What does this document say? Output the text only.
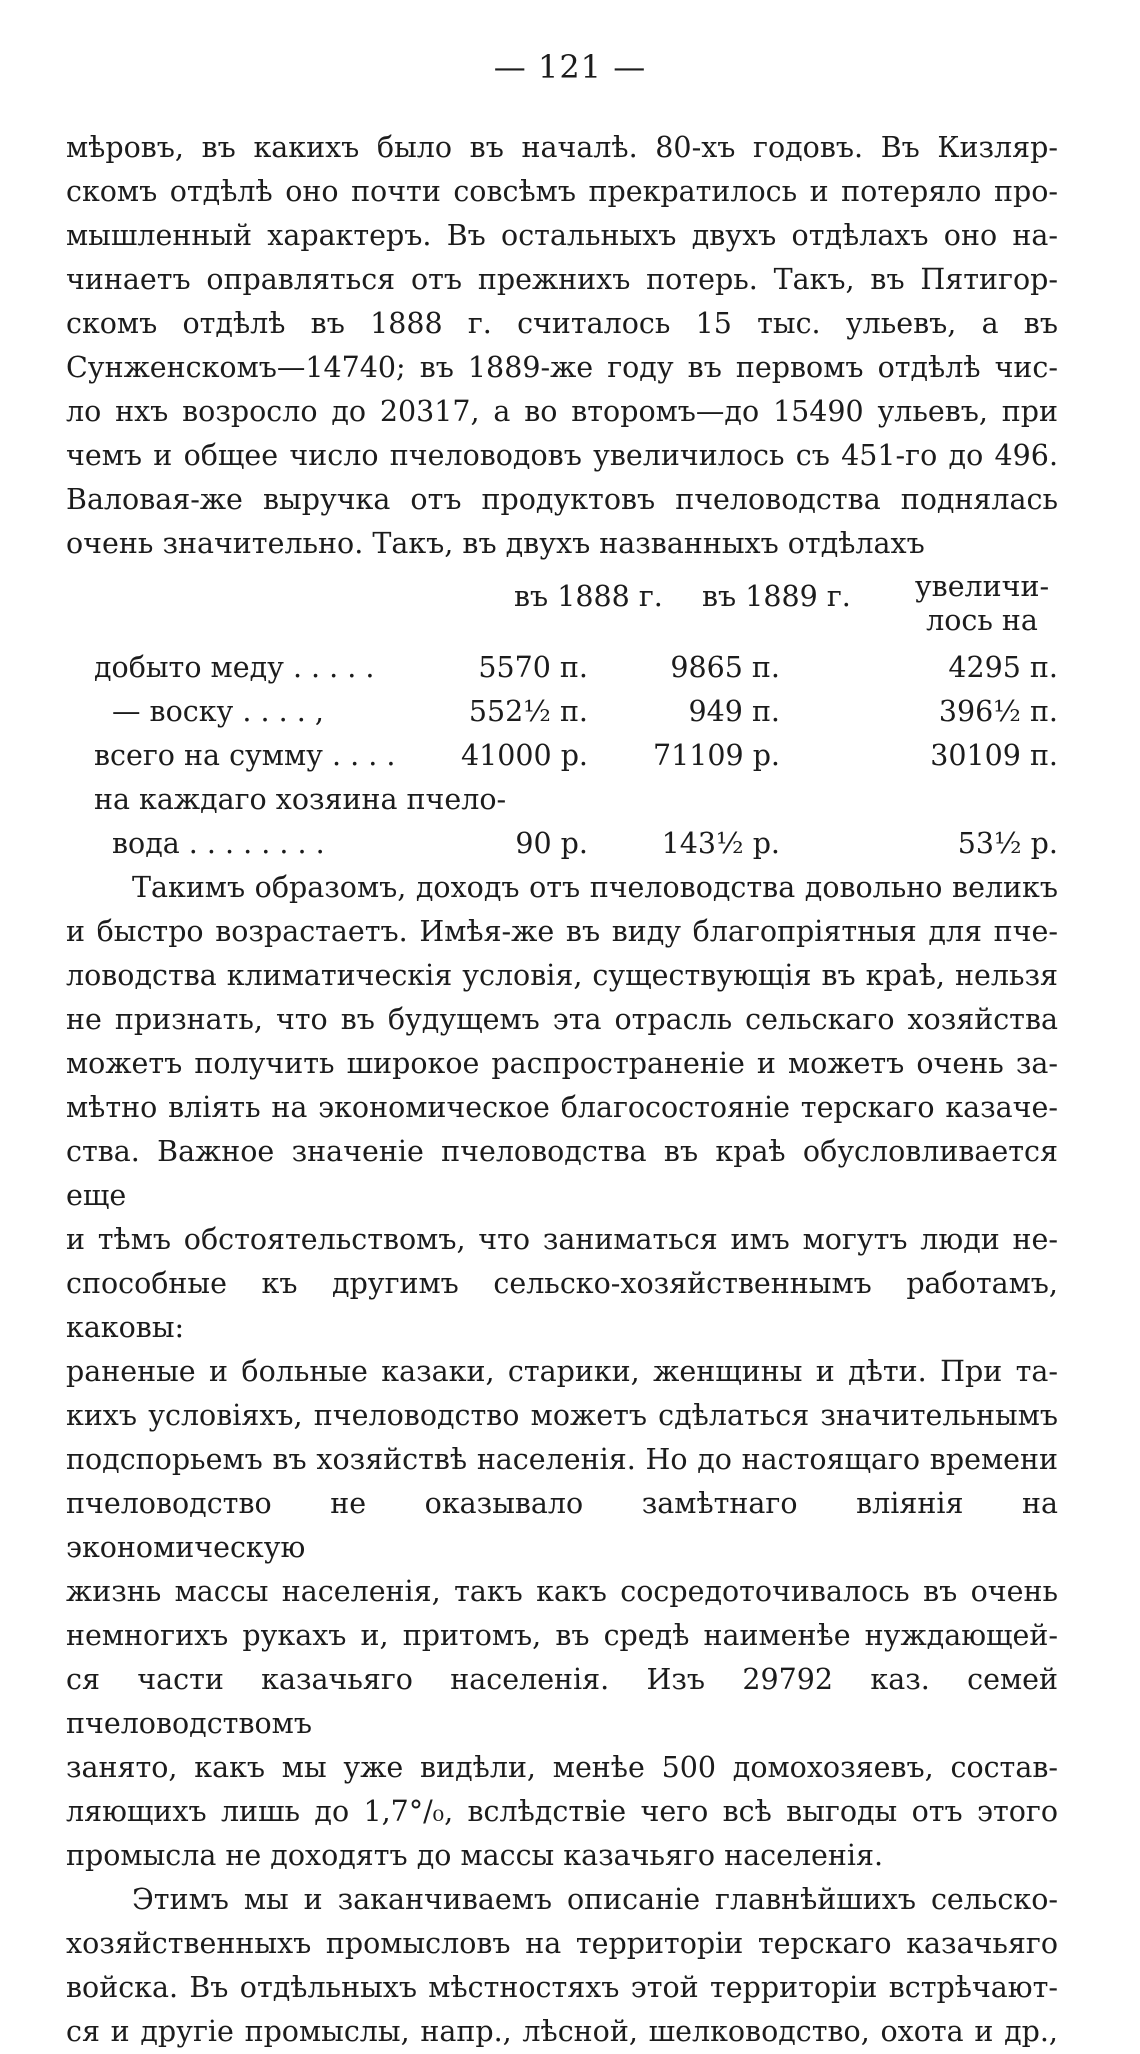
— 121 —

мѣровъ, въ какихъ было въ началѣ. 80-хъ годовъ. Въ Кизляр-

скомъ отдѣлѣ оно почти совсѣмъ прекратилось и потеряло про-

мышленный характеръ. Въ остальныхъ двухъ отдѣлахъ оно на-

чинаетъ оправляться отъ прежнихъ потерь. Такъ, въ Пятигор-

скомъ отдѣлѣ въ 1888 г. считалось 15 тыс. ульевъ, а въ

Сунженскомъ—14740; въ 1889-же году въ первомъ отдѣлѣ чис-

ло нхъ возросло до 20317, а во второмъ—до 15490 ульевъ, при

чемъ и общее число пчеловодовъ увеличилось съ 451-го до 496.

Валовая-же выручка отъ продуктовъ пчеловодства поднялась

очень значительно. Такъ, въ двухъ названныхъ отдѣлахъ

въ 1888 г.	въ 1889 г.	увеличи-
лось на
добыто меду . . . . .	5570 п.	9865 п.	4295 п.
— воску . . . . ,	552½ п.	949 п.	396½ п.
всего на сумму . . . . 41000 р. 71109 р.	30109 п.
на каждаго хозяина пчело-
вода . . . . . . . .	90 р.	143½ р.	53½ р.

Такимъ образомъ, доходъ отъ пчеловодства довольно великъ

и быстро возрастаетъ. Имѣя-же въ виду благопріятныя для пче-

ловодства климатическія условія, существующія въ краѣ, нельзя

не признать, что въ будущемъ эта отрасль сельскаго хозяйства

можетъ получить широкое распространеніе и можетъ очень за-

мѣтно вліять на экономическое благосостояніе терскаго казаче-

ства. Важное значеніе пчеловодства въ краѣ обусловливается еще

и тѣмъ обстоятельствомъ, что заниматься имъ могутъ люди не-

способные къ другимъ сельско-хозяйственнымъ работамъ, каковы:

раненые и больные казаки, старики, женщины и дѣти. При та-

кихъ условіяхъ, пчеловодство можетъ сдѣлаться значительнымъ

подспорьемъ въ хозяйствѣ населенія. Но до настоящаго времени

пчеловодство не оказывало замѣтнаго вліянія на экономическую

жизнь массы населенія, такъ какъ сосредоточивалось въ очень

немногихъ рукахъ и, притомъ, въ средѣ наименѣе нуждающей-

ся части казачьяго населенія. Изъ 29792 каз. семей пчеловодствомъ

занято, какъ мы уже видѣли, менѣе 500 домохозяевъ, состав-

ляющихъ лишь до 1,7°/₀, вслѣдствіе чего всѣ выгоды отъ этого

промысла не доходятъ до массы казачьяго населенія.

Этимъ мы и заканчиваемъ описаніе главнѣйшихъ сельско-

хозяйственныхъ промысловъ на территоріи терскаго казачьяго

войска. Въ отдѣльныхъ мѣстностяхъ этой территоріи встрѣчают-

ся и другіе промыслы, напр., лѣсной, шелководство, охота и др.,
